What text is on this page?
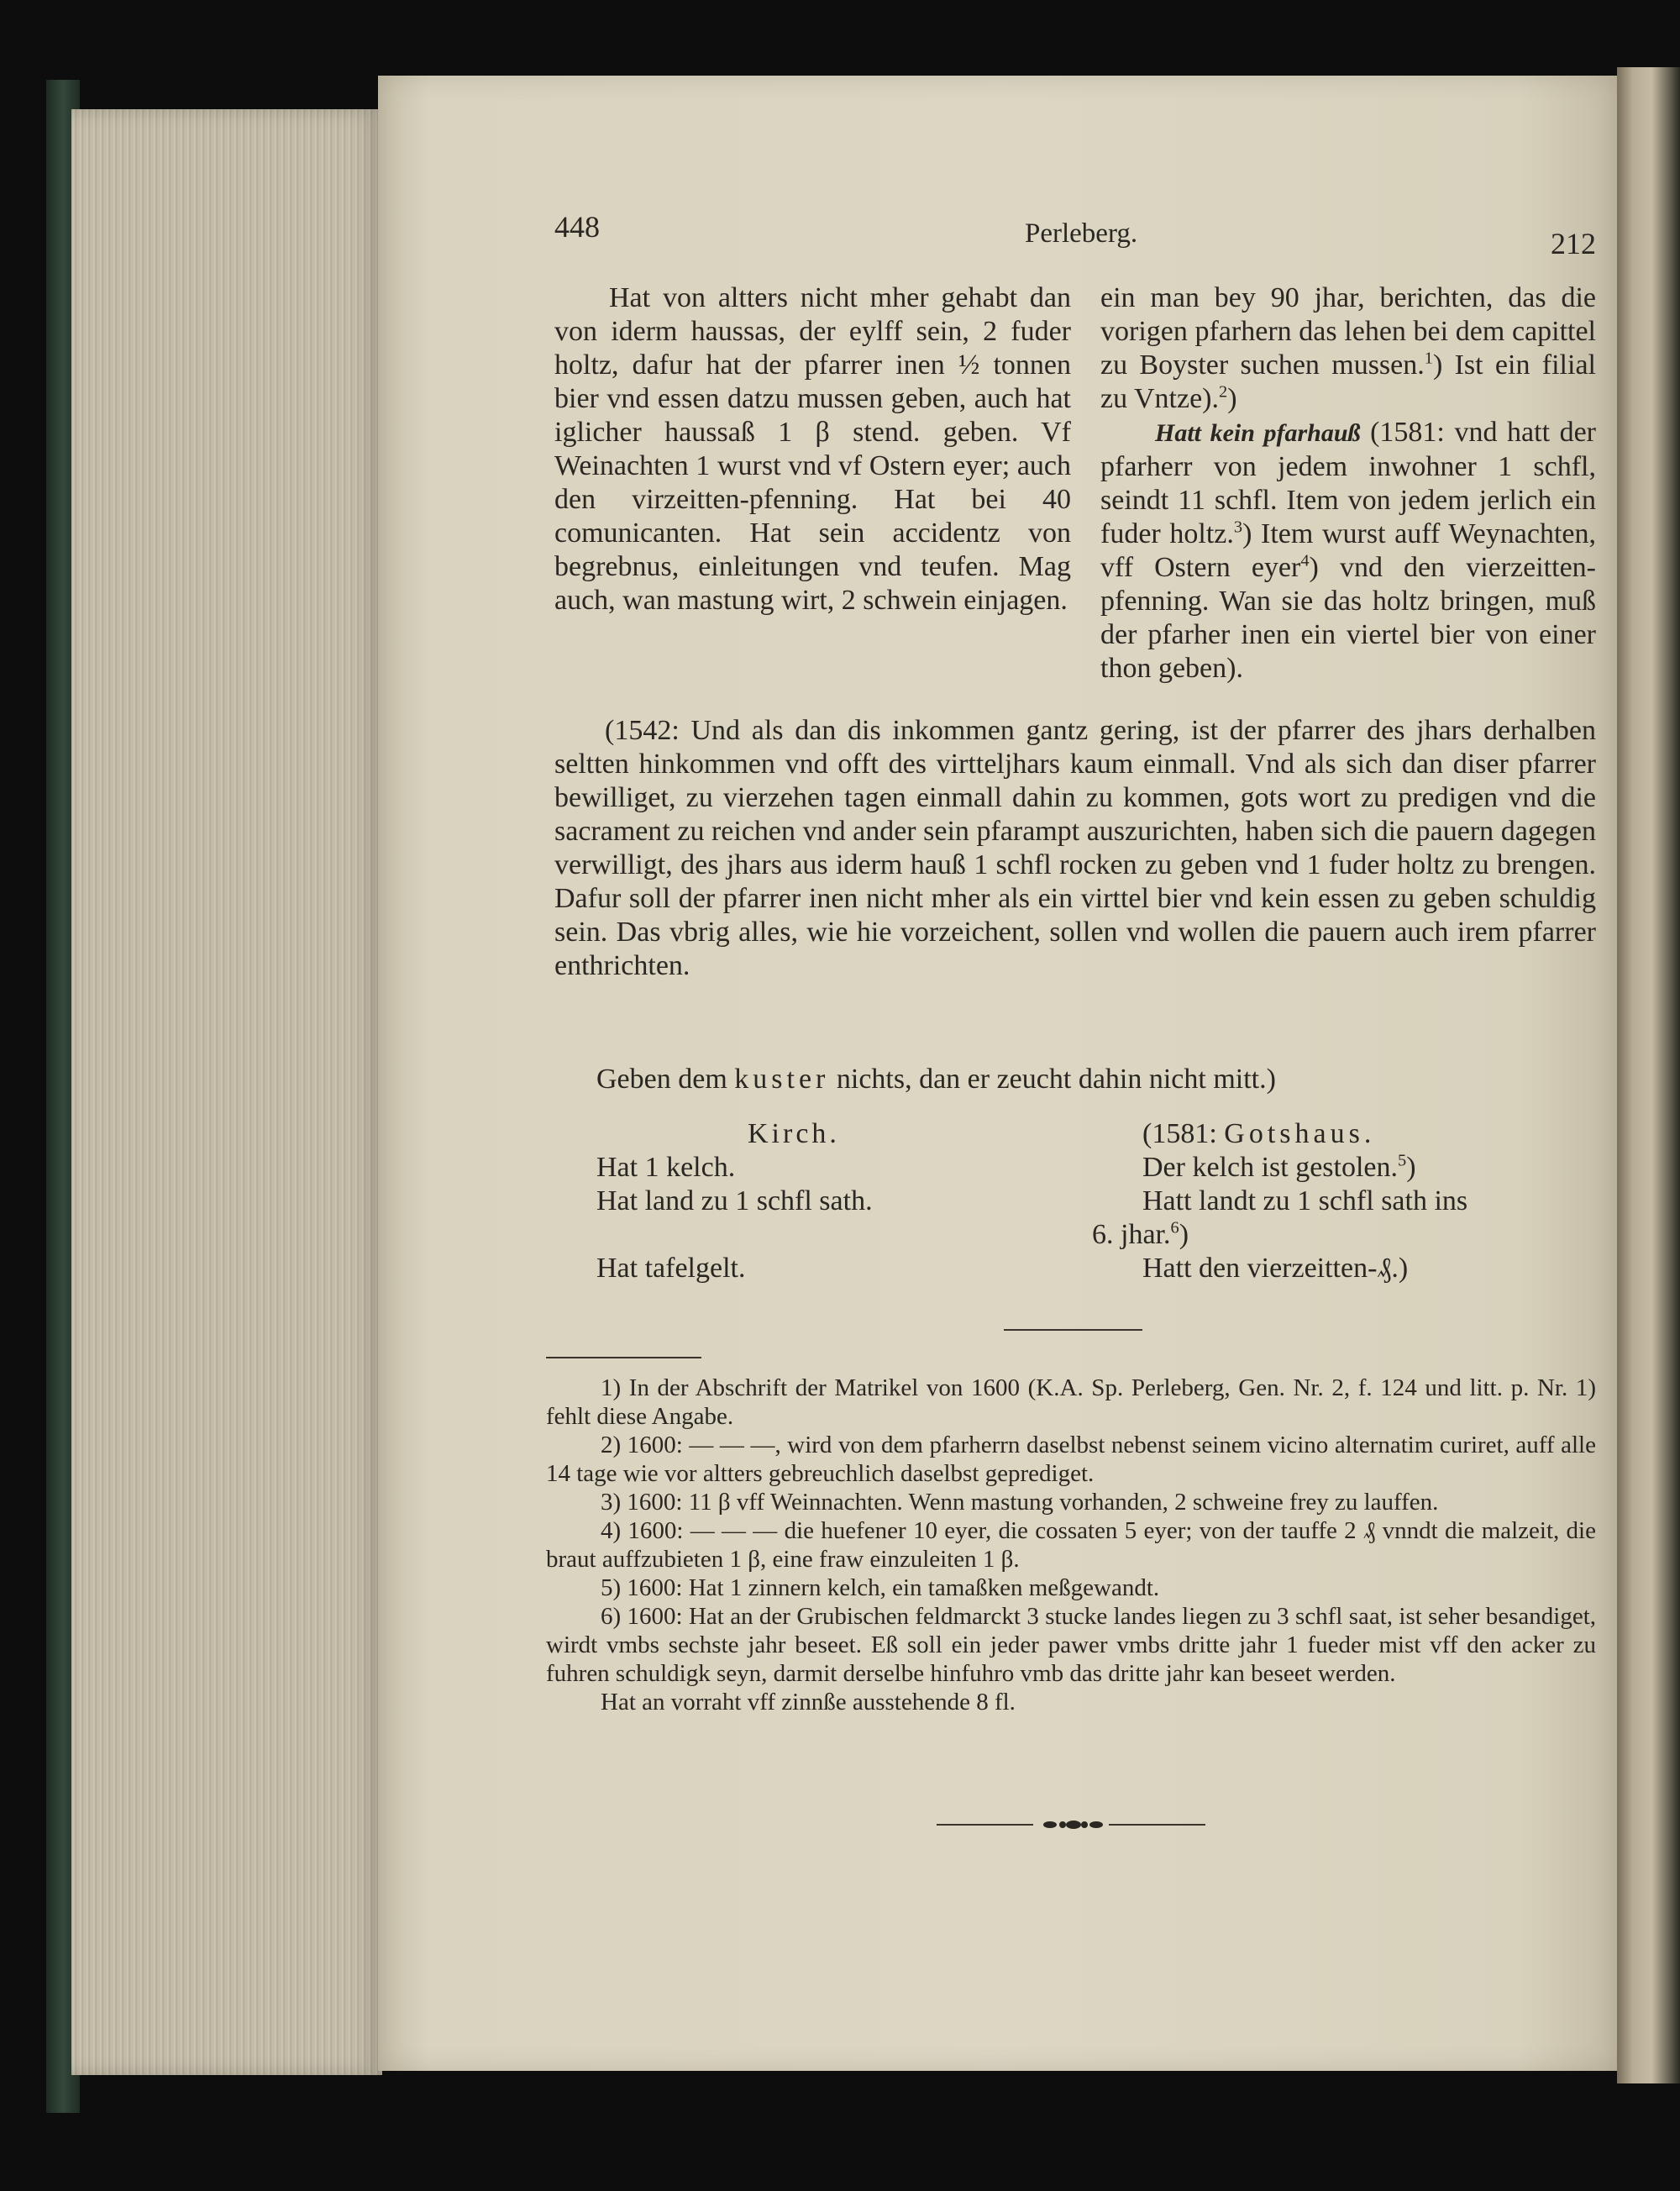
448	Perleberg.	212

Hat von altters nicht mher gehabt dan von iderm haussas, der eylff sein, 2 fuder holtz, dafur hat der pfarrer inen ½ tonnen bier vnd essen datzu mussen geben, auch hat iglicher haussaß 1 β stend. geben. Vf Weinachten 1 wurst vnd vf Ostern eyer; auch den virzeitten-pfenning. Hat bei 40 comunicanten. Hat sein accidentz von begrebnus, einleitungen vnd teufen. Mag auch, wan mastung wirt, 2 schwein einjagen.

ein man bey 90 jhar, berichten, das die vorigen pfarhern das lehen bei dem capittel zu Boyster suchen mussen.$^1$) Ist ein filial zu Vntze).$^2$)

Hatt kein pfarhauß (1581: vnd hatt der pfarherr von jedem inwohner 1 schfl, seindt 11 schfl. Item von jedem jerlich ein fuder holtz.$^3$) Item wurst auff Weynachten, vff Ostern eyer$^4$) vnd den vierzeitten-pfenning. Wan sie das holtz bringen, muß der pfarher inen ein viertel bier von einer thon geben).

(1542: Und als dan dis inkommen gantz gering, ist der pfarrer des jhars derhalben seltten hinkommen vnd offt des virtteljhars kaum einmall. Vnd als sich dan diser pfarrer bewilliget, zu vierzehen tagen einmall dahin zu kommen, gots wort zu predigen vnd die sacrament zu reichen vnd ander sein pfarampt auszurichten, haben sich die pauern dagegen verwilligt, des jhars aus iderm hauß 1 schfl rocken zu geben vnd 1 fuder holtz zu brengen. Dafur soll der pfarrer inen nicht mher als ein virttel bier vnd kein essen zu geben schuldig sein. Das vbrig alles, wie hie vorzeichent, sollen vnd wollen die pauern auch irem pfarrer enthrichten.
Geben dem kuster nichts, dan er zeucht dahin nicht mitt.)
Kirch.
Hat 1 kelch.
Hat land zu 1 schfl sath.
Hat tafelgelt.
(1581: Gotshaus.
Der kelch ist gestolen.$^5$)
Hatt landt zu 1 schfl sath ins
6. jhar.$^6$)
Hatt den vierzeitten-₰.)

1) In der Abschrift der Matrikel von 1600 (K.A. Sp. Perleberg, Gen. Nr. 2, f. 124 und litt. p. Nr. 1) fehlt diese Angabe.

2) 1600: — — —, wird von dem pfarherrn daselbst nebenst seinem vicino alternatim curiret, auff alle 14 tage wie vor altters gebreuchlich daselbst geprediget.

3) 1600: 11 β vff Weinnachten. Wenn mastung vorhanden, 2 schweine frey zu lauffen.

4) 1600: — — — die huefener 10 eyer, die cossaten 5 eyer; von der tauffe 2 ₰ vnndt die malzeit, die braut auffzubieten 1 β, eine fraw einzuleiten 1 β.

5) 1600: Hat 1 zinnern kelch, ein tamaßken meßgewandt.

6) 1600: Hat an der Grubischen feldmarckt 3 stucke landes liegen zu 3 schfl saat, ist seher besandiget, wirdt vmbs sechste jahr beseet. Eß soll ein jeder pawer vmbs dritte jahr 1 fueder mist vff den acker zu fuhren schuldigk seyn, darmit derselbe hinfuhro vmb das dritte jahr kan beseet werden.

Hat an vorraht vff zinnße ausstehende 8 fl.
